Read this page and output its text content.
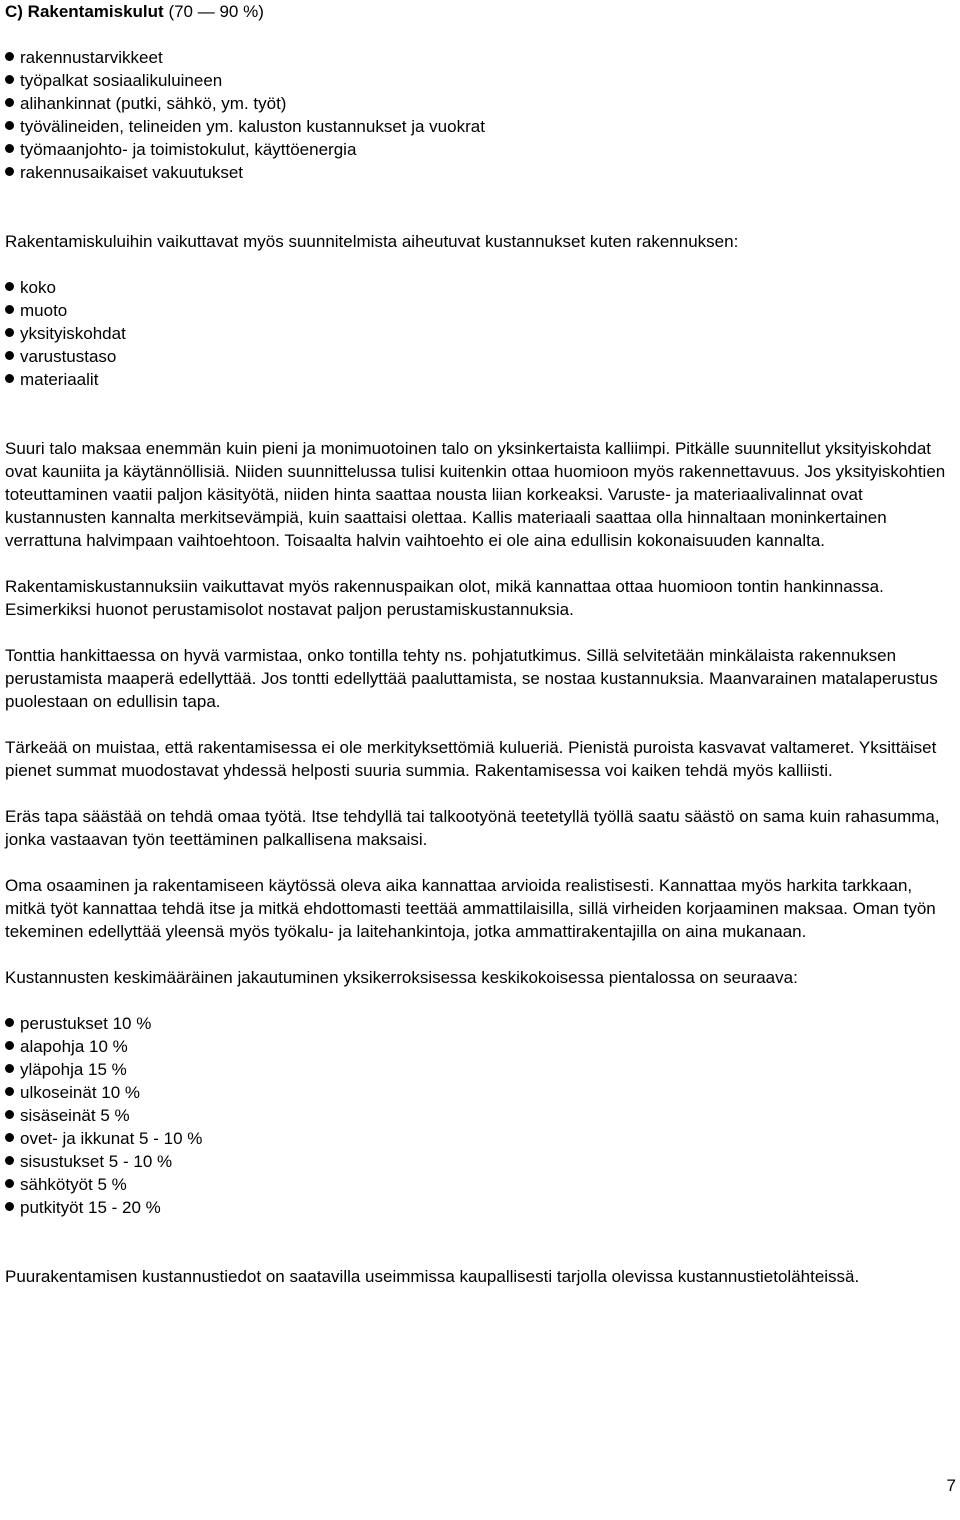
C) Rakentamiskulut (70 — 90 %)
rakennustarvikkeet
työpalkat sosiaalikuluineen
alihankinnat (putki, sähkö, ym. työt)
työvälineiden, telineiden ym. kaluston kustannukset ja vuokrat
työmaanjohto- ja toimistokulut, käyttöenergia
rakennusaikaiset vakuutukset

Rakentamiskuluihin vaikuttavat myös suunnitelmista aiheutuvat kustannukset kuten rakennuksen:

koko
muoto
yksityiskohdat
varustustaso
materiaalit

Suuri talo maksaa enemmän kuin pieni ja monimuotoinen talo on yksinkertaista kalliimpi. Pitkälle suunnitellut yksityiskohdat ovat kauniita ja käytännöllisiä. Niiden suunnittelussa tulisi kuitenkin ottaa huomioon myös rakennettavuus. Jos yksityiskohtien toteuttaminen vaatii paljon käsityötä, niiden hinta saattaa nousta liian korkeaksi. Varuste- ja materiaalivalinnat ovat kustannusten kannalta merkitsevämpiä, kuin saattaisi olettaa. Kallis materiaali saattaa olla hinnaltaan moninkertainen verrattuna halvimpaan vaihtoehtoon. Toisaalta halvin vaihtoehto ei ole aina edullisin kokonaisuuden kannalta.

Rakentamiskustannuksiin vaikuttavat myös rakennuspaikan olot, mikä kannattaa ottaa huomioon tontin hankinnassa. Esimerkiksi huonot perustamisolot nostavat paljon perustamiskustannuksia.

Tonttia hankittaessa on hyvä varmistaa, onko tontilla tehty ns. pohjatutkimus. Sillä selvitetään minkälaista rakennuksen perustamista maaperä edellyttää. Jos tontti edellyttää paaluttamista, se nostaa kustannuksia. Maanvarainen matalaperustus puolestaan on edullisin tapa.

Tärkeää on muistaa, että rakentamisessa ei ole merkityksettömiä kulueriä. Pienistä puroista kasvavat valtameret. Yksittäiset pienet summat muodostavat yhdessä helposti suuria summia. Rakentamisessa voi kaiken tehdä myös kalliisti.

Eräs tapa säästää on tehdä omaa työtä. Itse tehdyllä tai talkootyönä teetetyllä työllä saatu säästö on sama kuin rahasumma, jonka vastaavan työn teettäminen palkallisena maksaisi.

Oma osaaminen ja rakentamiseen käytössä oleva aika kannattaa arvioida realistisesti. Kannattaa myös harkita tarkkaan, mitkä työt kannattaa tehdä itse ja mitkä ehdottomasti teettää ammattilaisilla, sillä virheiden korjaaminen maksaa. Oman työn tekeminen edellyttää yleensä myös työkalu- ja laitehankintoja, jotka ammattirakentajilla on aina mukanaan.

Kustannusten keskimääräinen jakautuminen yksikerroksisessa keskikokoisessa pientalossa on seuraava:

perustukset 10 %
alapohja 10 %
yläpohja 15 %
ulkoseinät 10 %
sisäseinät 5 %
ovet- ja ikkunat 5 - 10 %
sisustukset 5 - 10 %
sähkötyöt 5 %
putkityöt 15 - 20 %

Puurakentamisen kustannustiedot on saatavilla useimmissa kaupallisesti tarjolla olevissa kustannustietolähteissä.

7
